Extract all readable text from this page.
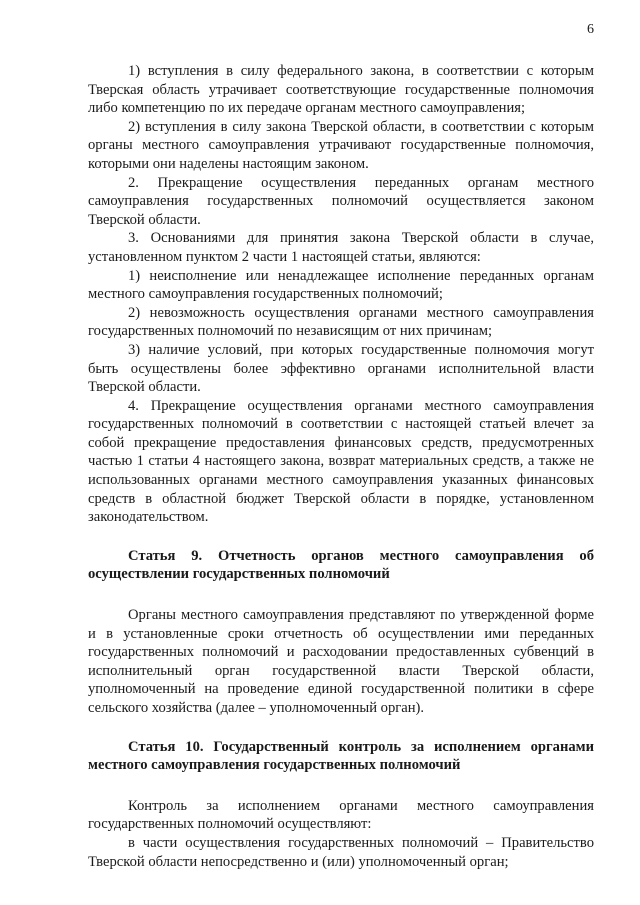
6

1) вступления в силу федерального закона, в соответствии с которым Тверская область утрачивает соответствующие государственные полномочия либо компетенцию по их передаче органам местного самоуправления;

2) вступления в силу закона Тверской области, в соответствии с которым органы местного самоуправления утрачивают государственные полномочия, которыми они наделены настоящим законом.

2. Прекращение осуществления переданных органам местного самоуправления государственных полномочий осуществляется законом Тверской области.

3. Основаниями для принятия закона Тверской области в случае, установленном пунктом 2 части 1 настоящей статьи, являются:

1) неисполнение или ненадлежащее исполнение переданных органам местного самоуправления государственных полномочий;

2) невозможность осуществления органами местного самоуправления государственных полномочий по независящим от них причинам;

3) наличие условий, при которых государственные полномочия могут быть осуществлены более эффективно органами исполнительной власти Тверской области.

4. Прекращение осуществления органами местного самоуправления государственных полномочий в соответствии с настоящей статьей влечет за собой прекращение предоставления финансовых средств, предусмотренных частью 1 статьи 4 настоящего закона, возврат материальных средств, а также не использованных органами местного самоуправления указанных финансовых средств в областной бюджет Тверской области в порядке, установленном законодательством.

Статья 9. Отчетность органов местного самоуправления об осуществлении государственных полномочий

Органы местного самоуправления представляют по утвержденной форме и в установленные сроки отчетность об осуществлении ими переданных государственных полномочий и расходовании предоставленных субвенций в исполнительный орган государственной власти Тверской области, уполномоченный на проведение единой государственной политики в сфере сельского хозяйства (далее – уполномоченный орган).

Статья 10. Государственный контроль за исполнением органами местного самоуправления государственных полномочий

Контроль за исполнением органами местного самоуправления государственных полномочий осуществляют:

в части осуществления государственных полномочий – Правительство Тверской области непосредственно и (или) уполномоченный орган;
